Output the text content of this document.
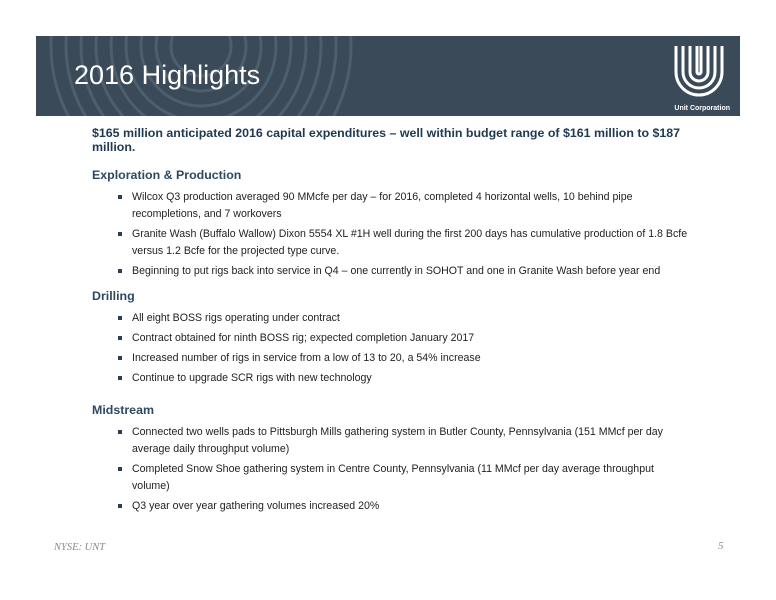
2016 Highlights
Unit Corporation

$165 million anticipated 2016 capital expenditures – well within budget range of $161 million to $187 million.

Exploration & Production
Wilcox Q3 production averaged 90 MMcfe per day – for 2016, completed 4 horizontal wells, 10 behind pipe recompletions, and 7 workovers
Granite Wash (Buffalo Wallow) Dixon 5554 XL #1H well during the first 200 days has cumulative production of 1.8 Bcfe versus 1.2 Bcfe for the projected type curve.
Beginning to put rigs back into service in Q4 – one currently in SOHOT and one in Granite Wash before year end
Drilling
All eight BOSS rigs operating under contract
Contract obtained for ninth BOSS rig; expected completion January 2017
Increased number of rigs in service from a low of 13 to 20, a 54% increase
Continue to upgrade SCR rigs with new technology
Midstream
Connected two wells pads to Pittsburgh Mills gathering system in Butler County, Pennsylvania (151 MMcf per day average daily throughput volume)
Completed Snow Shoe gathering system in Centre County, Pennsylvania (11 MMcf per day average throughput volume)
Q3 year over year gathering volumes increased 20%
NYSE: UNT	5
